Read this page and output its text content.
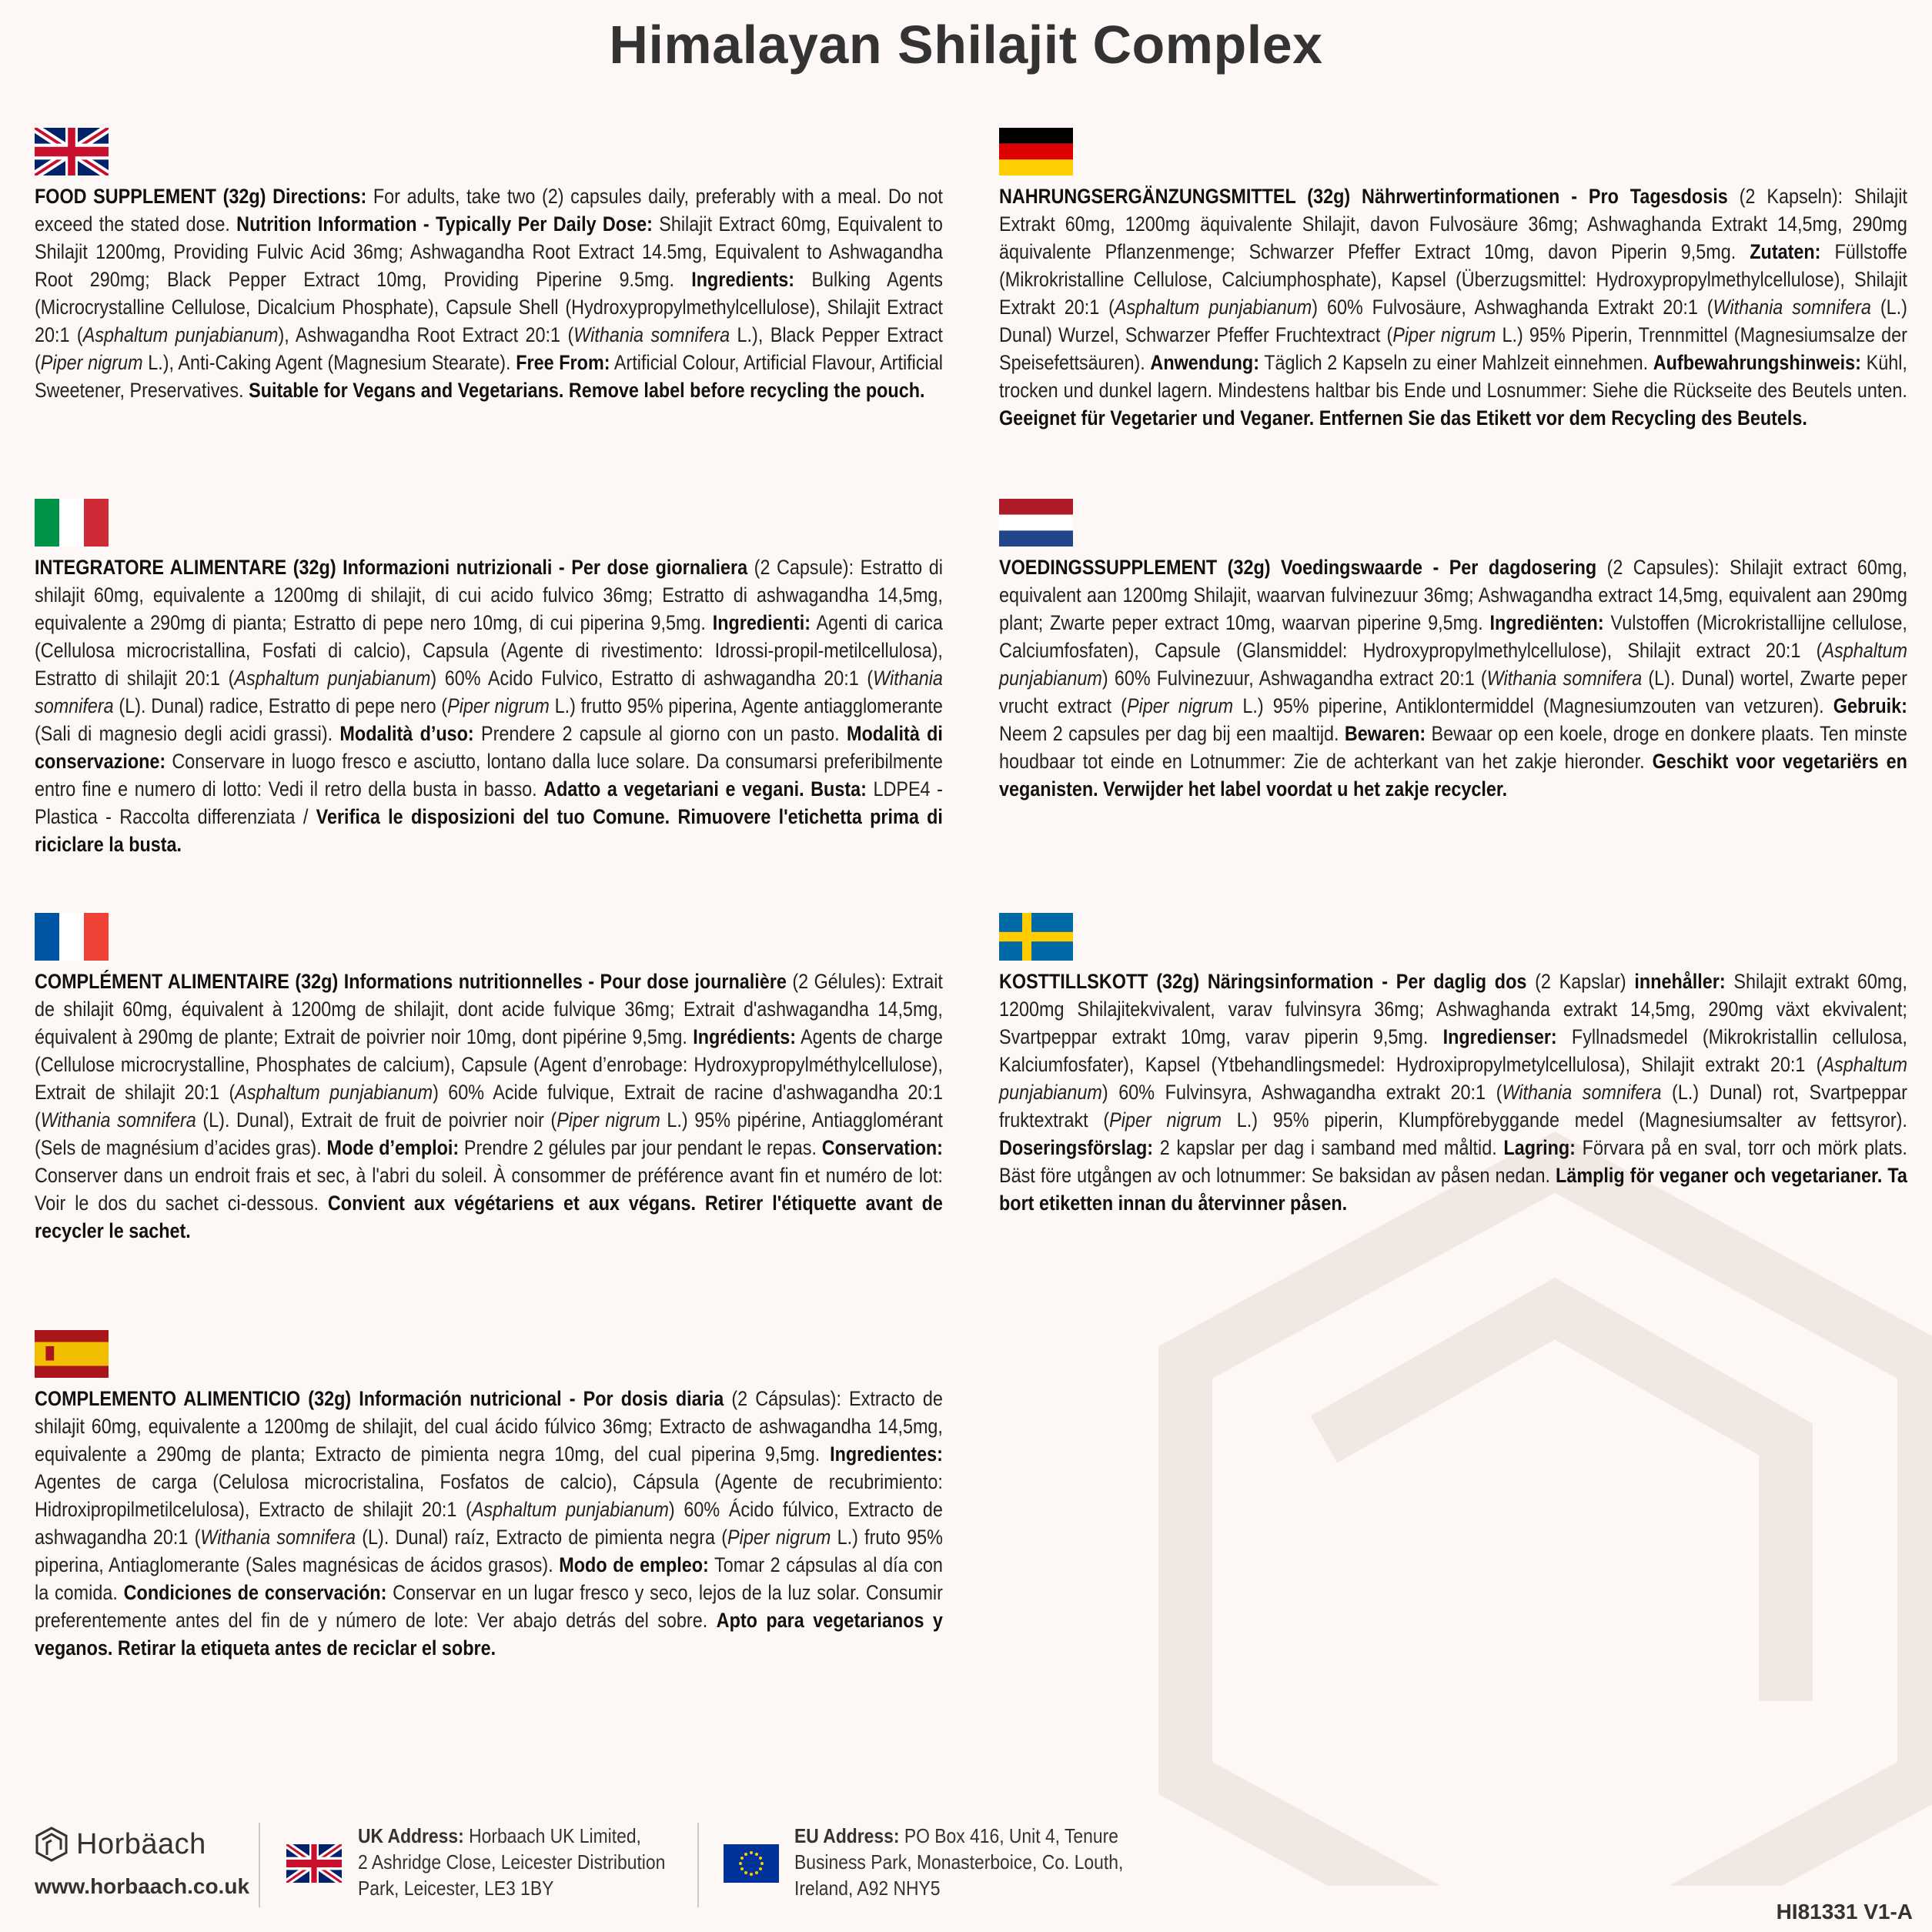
Himalayan Shilajit Complex

FOOD SUPPLEMENT (32g) Directions: For adults, take two (2) capsules daily, preferably with a meal. Do not exceed the stated dose. Nutrition Information - Typically Per Daily Dose: Shilajit Extract 60mg, Equivalent to Shilajit 1200mg, Providing Fulvic Acid 36mg; Ashwagandha Root Extract 14.5mg, Equivalent to Ashwagandha Root 290mg; Black Pepper Extract 10mg, Providing Piperine 9.5mg. Ingredients: Bulking Agents (Microcrystalline Cellulose, Dicalcium Phosphate), Capsule Shell (Hydroxypropylmethylcellulose), Shilajit Extract 20:1 (Asphaltum punjabianum), Ashwagandha Root Extract 20:1 (Withania somnifera L.), Black Pepper Extract (Piper nigrum L.), Anti-Caking Agent (Magnesium Stearate). Free From: Artificial Colour, Artificial Flavour, Artificial Sweetener, Preservatives. Suitable for Vegans and Vegetarians. Remove label before recycling the pouch.

NAHRUNGSERGÄNZUNGSMITTEL (32g) Nährwertinformationen - Pro Tagesdosis (2 Kapseln): Shilajit Extrakt 60mg, 1200mg äquivalente Shilajit, davon Fulvosäure 36mg; Ashwaghanda Extrakt 14,5mg, 290mg äquivalente Pflanzenmenge; Schwarzer Pfeffer Extract 10mg, davon Piperin 9,5mg. Zutaten: Füllstoffe (Mikrokristalline Cellulose, Calciumphosphate), Kapsel (Überzugsmittel: Hydroxypropylmethylcellulose), Shilajit Extrakt 20:1 (Asphaltum punjabianum) 60% Fulvosäure, Ashwaghanda Extrakt 20:1 (Withania somnifera (L.) Dunal) Wurzel, Schwarzer Pfeffer Fruchtextract (Piper nigrum L.) 95% Piperin, Trennmittel (Magnesiumsalze der Speisefettsäuren). Anwendung: Täglich 2 Kapseln zu einer Mahlzeit einnehmen. Aufbewahrungshinweis: Kühl, trocken und dunkel lagern. Mindestens haltbar bis Ende und Losnummer: Siehe die Rückseite des Beutels unten. Geeignet für Vegetarier und Veganer. Entfernen Sie das Etikett vor dem Recycling des Beutels.

INTEGRATORE ALIMENTARE (32g) Informazioni nutrizionali - Per dose giornaliera (2 Capsule): Estratto di shilajit 60mg, equivalente a 1200mg di shilajit, di cui acido fulvico 36mg; Estratto di ashwagandha 14,5mg, equivalente a 290mg di pianta; Estratto di pepe nero 10mg, di cui piperina 9,5mg. Ingredienti: Agenti di carica (Cellulosa microcristallina, Fosfati di calcio), Capsula (Agente di rivestimento: Idrossi-propil-metilcellulosa), Estratto di shilajit 20:1 (Asphaltum punjabianum) 60% Acido Fulvico, Estratto di ashwagandha 20:1 (Withania somnifera (L). Dunal) radice, Estratto di pepe nero (Piper nigrum L.) frutto 95% piperina, Agente antiagglomerante (Sali di magnesio degli acidi grassi). Modalità d’uso: Prendere 2 capsule al giorno con un pasto. Modalità di conservazione: Conservare in luogo fresco e asciutto, lontano dalla luce solare. Da consumarsi preferibilmente entro fine e numero di lotto: Vedi il retro della busta in basso. Adatto a vegetariani e vegani. Busta: LDPE4 - Plastica - Raccolta differenziata / Verifica le disposizioni del tuo Comune. Rimuovere l'etichetta prima di riciclare la busta.

VOEDINGSSUPPLEMENT (32g) Voedingswaarde - Per dagdosering (2 Capsules): Shilajit extract 60mg, equivalent aan 1200mg Shilajit, waarvan fulvinezuur 36mg; Ashwagandha extract 14,5mg, equivalent aan 290mg plant; Zwarte peper extract 10mg, waarvan piperine 9,5mg. Ingrediënten: Vulstoffen (Microkristallijne cellulose, Calciumfosfaten), Capsule (Glansmiddel: Hydroxypropylmethylcellulose), Shilajit extract 20:1 (Asphaltum punjabianum) 60% Fulvinezuur, Ashwagandha extract 20:1 (Withania somnifera (L). Dunal) wortel, Zwarte peper vrucht extract (Piper nigrum L.) 95% piperine, Antiklontermiddel (Magnesiumzouten van vetzuren). Gebruik: Neem 2 capsules per dag bij een maaltijd. Bewaren: Bewaar op een koele, droge en donkere plaats. Ten minste houdbaar tot einde en Lotnummer: Zie de achterkant van het zakje hieronder. Geschikt voor vegetariërs en veganisten. Verwijder het label voordat u het zakje recycler.

COMPLÉMENT ALIMENTAIRE (32g) Informations nutritionnelles - Pour dose journalière (2 Gélules): Extrait de shilajit 60mg, équivalent à 1200mg de shilajit, dont acide fulvique 36mg; Extrait d'ashwagandha 14,5mg, équivalent à 290mg de plante; Extrait de poivrier noir 10mg, dont pipérine 9,5mg. Ingrédients: Agents de charge (Cellulose microcrystalline, Phosphates de calcium), Capsule (Agent d’enrobage: Hydroxypropylméthylcellulose), Extrait de shilajit 20:1 (Asphaltum punjabianum) 60% Acide fulvique, Extrait de racine d'ashwagandha 20:1 (Withania somnifera (L). Dunal), Extrait de fruit de poivrier noir (Piper nigrum L.) 95% pipérine, Antiagglomérant (Sels de magnésium d’acides gras). Mode d’emploi: Prendre 2 gélules par jour pendant le repas. Conservation: Conserver dans un endroit frais et sec, à l'abri du soleil. À consommer de préférence avant fin et numéro de lot: Voir le dos du sachet ci-dessous. Convient aux végétariens et aux végans. Retirer l'étiquette avant de recycler le sachet.

KOSTTILLSKOTT (32g) Näringsinformation - Per daglig dos (2 Kapslar) innehåller: Shilajit extrakt 60mg, 1200mg Shilajitekvivalent, varav fulvinsyra 36mg; Ashwaghanda extrakt 14,5mg, 290mg växt ekvivalent; Svartpeppar extrakt 10mg, varav piperin 9,5mg. Ingredienser: Fyllnadsmedel (Mikrokristallin cellulosa, Kalciumfosfater), Kapsel (Ytbehandlingsmedel: Hydroxipropylmetylcellulosa), Shilajit extrakt 20:1 (Asphaltum punjabianum) 60% Fulvinsyra, Ashwagandha extrakt 20:1 (Withania somnifera (L.) Dunal) rot, Svartpeppar fruktextrakt (Piper nigrum L.) 95% piperin, Klumpförebyggande medel (Magnesiumsalter av fettsyror). Doseringsförslag: 2 kapslar per dag i samband med måltid. Lagring: Förvara på en sval, torr och mörk plats. Bäst före utgången av och lotnummer: Se baksidan av påsen nedan. Lämplig för veganer och vegetarianer. Ta bort etiketten innan du återvinner påsen.

COMPLEMENTO ALIMENTICIO (32g) Información nutricional - Por dosis diaria (2 Cápsulas): Extracto de shilajit 60mg, equivalente a 1200mg de shilajit, del cual ácido fúlvico 36mg; Extracto de ashwagandha 14,5mg, equivalente a 290mg de planta; Extracto de pimienta negra 10mg, del cual piperina 9,5mg. Ingredientes: Agentes de carga (Celulosa microcristalina, Fosfatos de calcio), Cápsula (Agente de recubrimiento: Hidroxipropilmetilcelulosa), Extracto de shilajit 20:1 (Asphaltum punjabianum) 60% Ácido fúlvico, Extracto de ashwagandha 20:1 (Withania somnifera (L). Dunal) raíz, Extracto de pimienta negra (Piper nigrum L.) fruto 95% piperina, Antiaglomerante (Sales magnésicas de ácidos grasos). Modo de empleo: Tomar 2 cápsulas al día con la comida. Condiciones de conservación: Conservar en un lugar fresco y seco, lejos de la luz solar. Consumir preferentemente antes del fin de y número de lote: Ver abajo detrás del sobre. Apto para vegetarianos y veganos. Retirar la etiqueta antes de reciclar el sobre.

Horbäach
www.horbaach.co.uk
UK Address: Horbaach UK Limited,
2 Ashridge Close, Leicester Distribution
Park, Leicester, LE3 1BY
EU Address: PO Box 416, Unit 4, Tenure
Business Park, Monasterboice, Co. Louth,
Ireland, A92 NHY5
HI81331 V1-A
